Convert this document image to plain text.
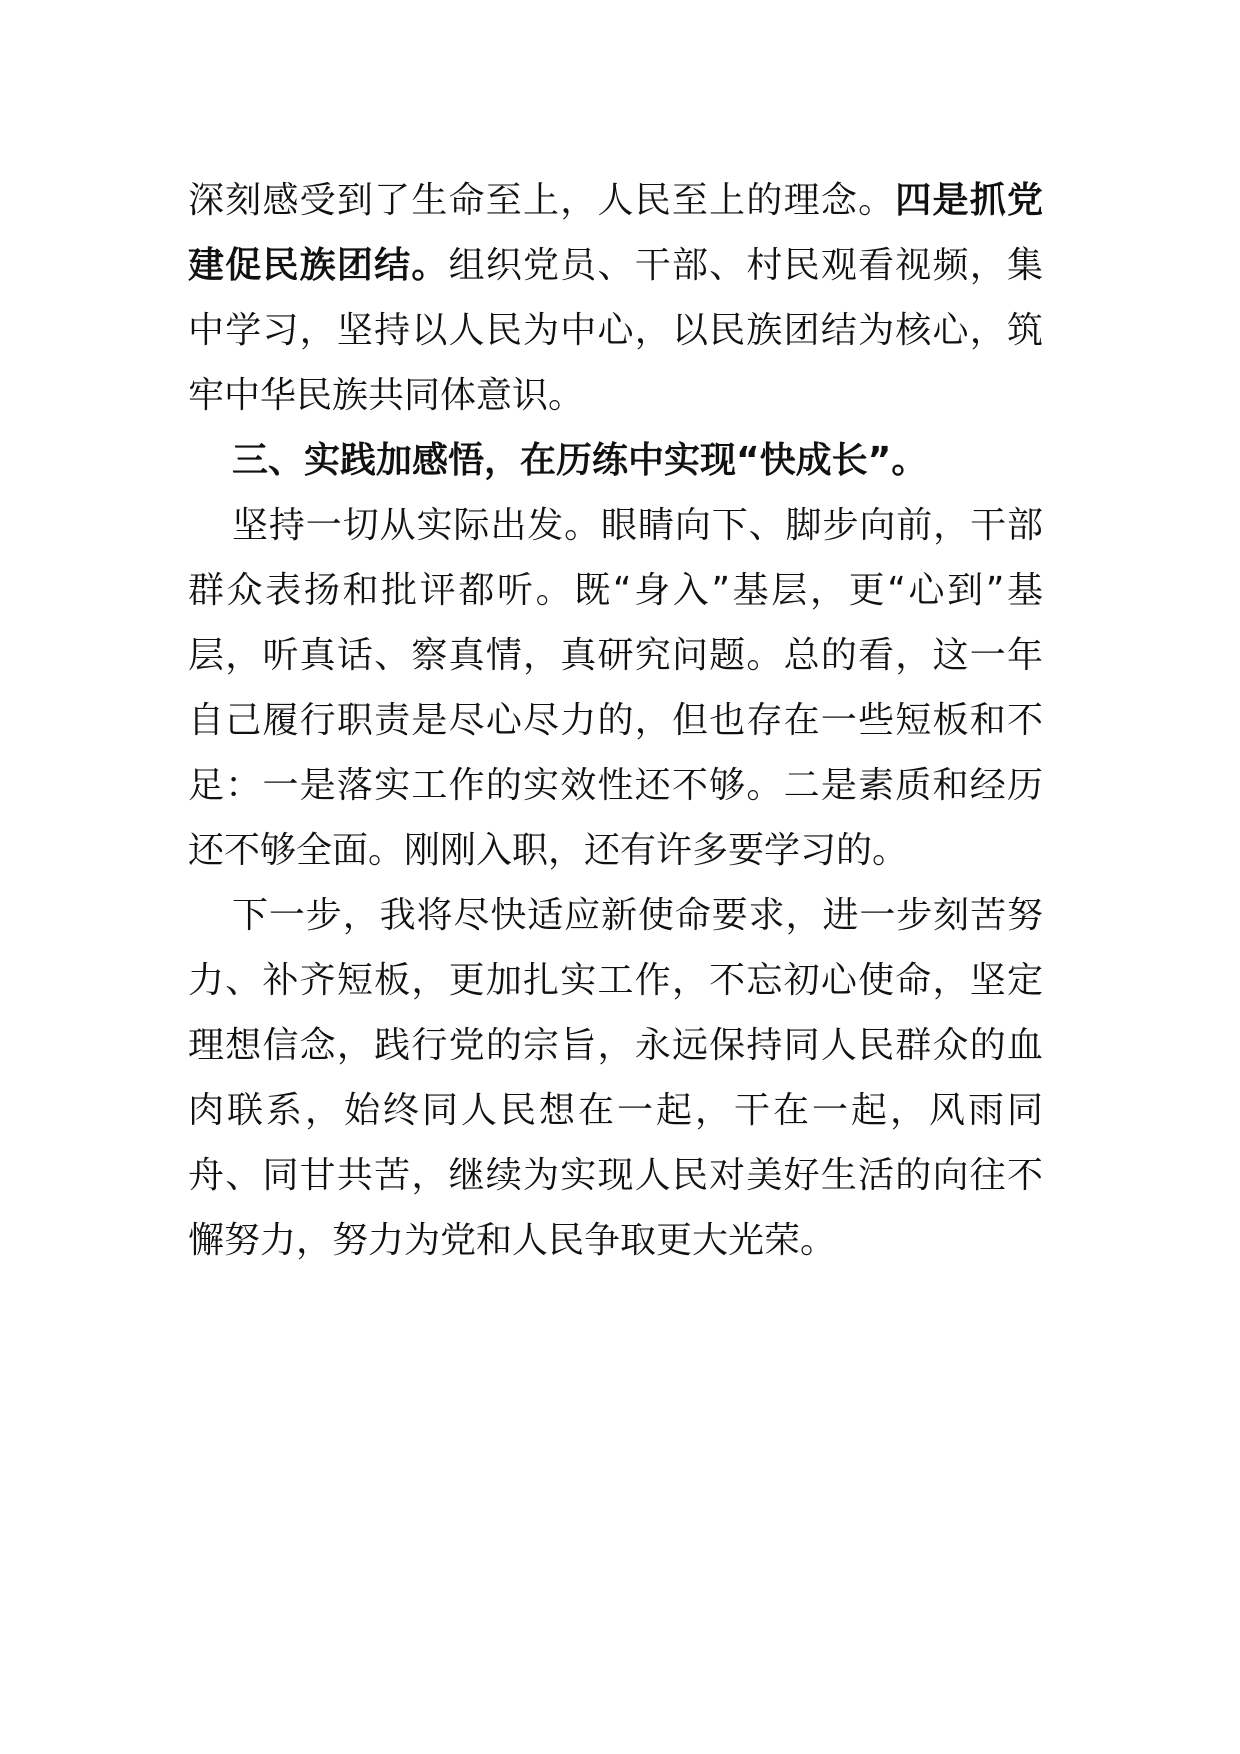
深刻感受到了生命至上，人民至上的理念。四是抓党建促民族团结。组织党员、干部、村民观看视频，集中学习，坚持以人民为中心，以民族团结为核心，筑牢中华民族共同体意识。

三、实践加感悟，在历练中实现“快成长”。

坚持一切从实际出发。眼睛向下、脚步向前，干部群众表扬和批评都听。既“身入”基层，更“心到”基层，听真话、察真情，真研究问题。总的看，这一年自己履行职责是尽心尽力的，但也存在一些短板和不足：一是落实工作的实效性还不够。二是素质和经历还不够全面。刚刚入职，还有许多要学习的。

下一步，我将尽快适应新使命要求，进一步刻苦努力、补齐短板，更加扎实工作，不忘初心使命，坚定理想信念，践行党的宗旨，永远保持同人民群众的血肉联系，始终同人民想在一起，干在一起，风雨同舟、同甘共苦，继续为实现人民对美好生活的向往不懈努力，努力为党和人民争取更大光荣。
